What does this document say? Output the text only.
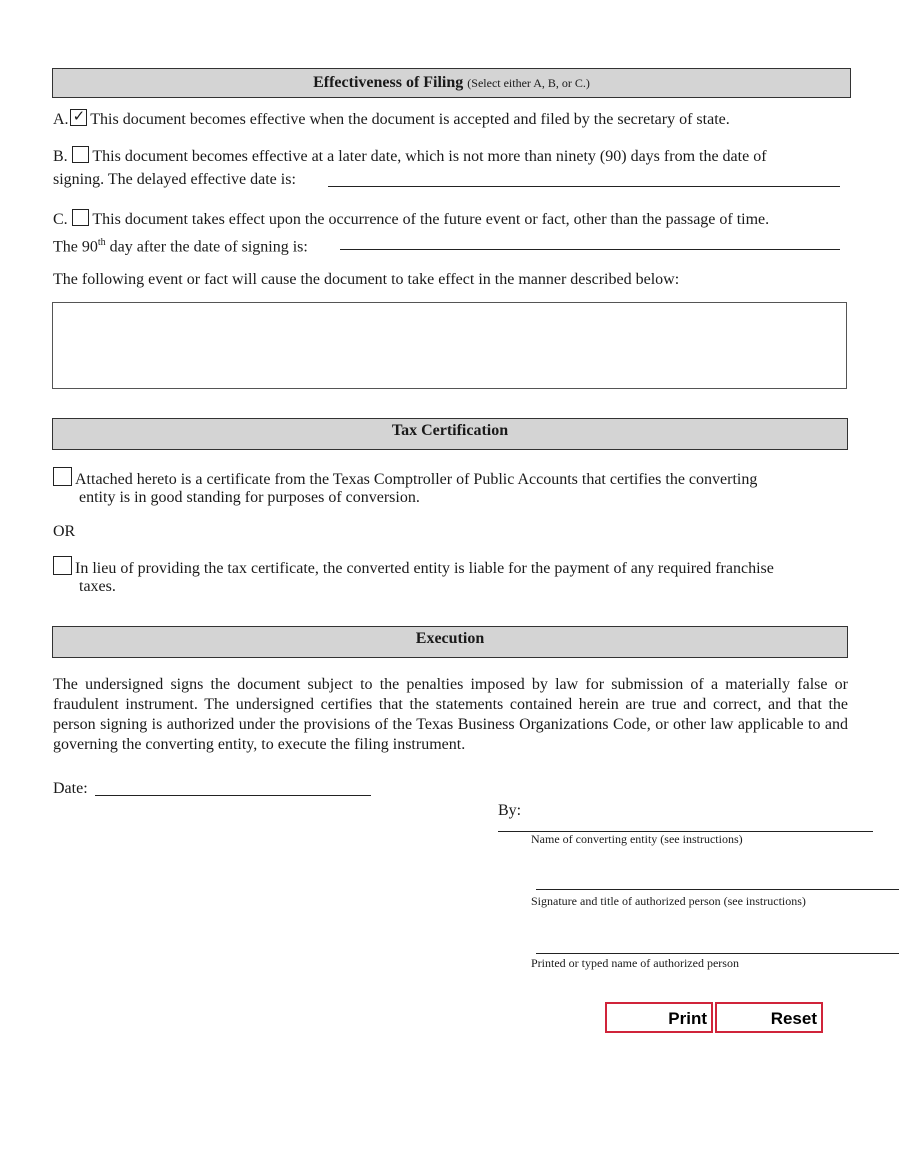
Effectiveness of Filing (Select either A, B, or C.)
A. ✓ This document becomes effective when the document is accepted and filed by the secretary of state.
B. This document becomes effective at a later date, which is not more than ninety (90) days from the date of
signing. The delayed effective date is:
C. This document takes effect upon the occurrence of the future event or fact, other than the passage of time.
The 90th day after the date of signing is:
The following event or fact will cause the document to take effect in the manner described below:
Tax Certification
Attached hereto is a certificate from the Texas Comptroller of Public Accounts that certifies the converting
entity is in good standing for purposes of conversion.
OR
In lieu of providing the tax certificate, the converted entity is liable for the payment of any required franchise
taxes.
Execution
The undersigned signs the document subject to the penalties imposed by law for submission of a materially false or fraudulent instrument. The undersigned certifies that the statements contained herein are true and correct, and that the person signing is authorized under the provisions of the Texas Business Organizations Code, or other law applicable to and governing the converting entity, to execute the filing instrument.
Date:
By:
Name of converting entity (see instructions)
Signature and title of authorized person (see instructions)
Printed or typed name of authorized person
Print	Reset
